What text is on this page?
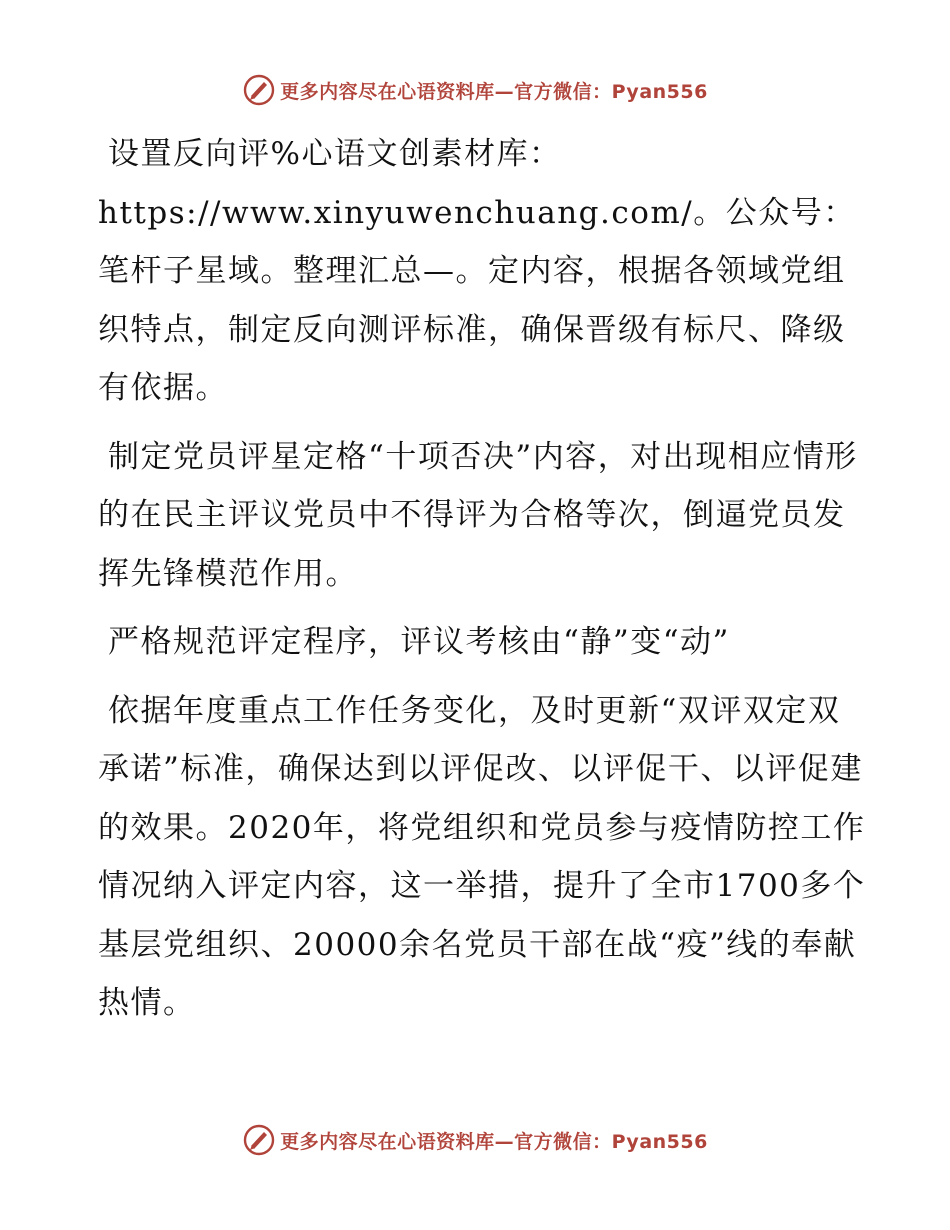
更多内容尽在心语资料库—官方微信：Pyan556

设置反向评%心语文创素材库：https://www.xinyuwenchuang.com/。公众号：笔杆子星域。整理汇总—。定内容，根据各领域党组织特点，制定反向测评标准，确保晋级有标尺、降级有依据。

制定党员评星定格“十项否决”内容，对出现相应情形的在民主评议党员中不得评为合格等次，倒逼党员发挥先锋模范作用。

严格规范评定程序，评议考核由“静”变“动”

依据年度重点工作任务变化，及时更新“双评双定双承诺”标准，确保达到以评促改、以评促干、以评促建的效果。2020年，将党组织和党员参与疫情防控工作情况纳入评定内容，这一举措，提升了全市1700多个基层党组织、20000余名党员干部在战“疫”线的奉献热情。

更多内容尽在心语资料库—官方微信：Pyan556
